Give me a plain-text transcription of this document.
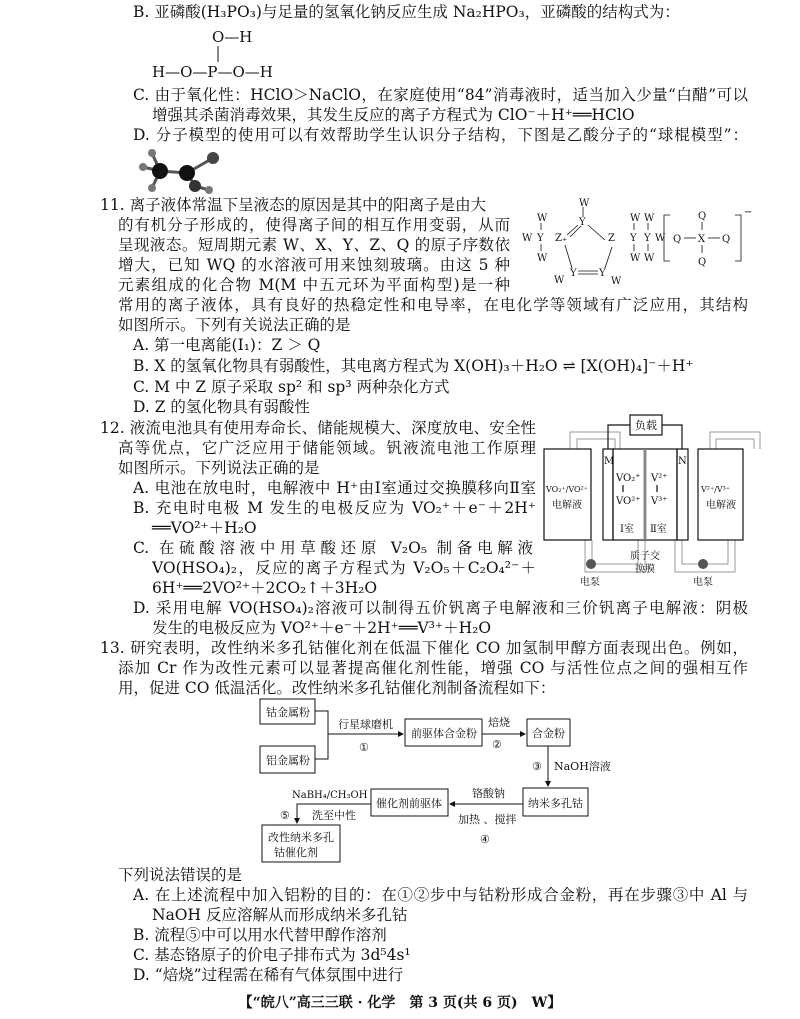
B. 亚磷酸(H₃PO₃)与足量的氢氧化钠反应生成 Na₂HPO₃，亚磷酸的结构式为：
O—H
H—O—P—O—H
C. 由于氧化性：HClO＞NaClO，在家庭使用“84”消毒液时，适当加入少量“白醋”可以
增强其杀菌消毒效果，其发生反应的离子方程式为 ClO⁻＋H⁺══HClO
D. 分子模型的使用可以有效帮助学生认识分子结构，下图是乙酸分子的“球棍模型”：
11. 离子液体常温下呈液态的原因是其中的阳离子是由大
的有机分子形成的，使得离子间的相互作用变弱，从而
呈现液态。短周期元素 W、X、Y、Z、Q 的原子序数依
增大，已知 WQ 的水溶液可用来蚀刻玻璃。由这 5 种
元素组成的化合物 M(M 中五元环为平面构型)是一种
常用的离子液体，具有良好的热稳定性和电导率，在电化学等领域有广泛应用，其结构
如图所示。下列有关说法正确的是
A. 第一电离能(I₁)：Z ＞ Q
B. X 的氢氧化物具有弱酸性，其电离方程式为 X(OH)₃＋H₂O ⇌ [X(OH)₄]⁻＋H⁺
C. M 中 Z 原子采取 sp² 和 sp³ 两种杂化方式
D. Z 的氢化物具有弱酸性
W
Y
W
W Y Z₊
W
Z Y Y W
W W
W W
W
Y Y
W
Q
Q X Q
Q
−
12. 液流电池具有使用寿命长、储能规模大、深度放电、安全性
高等优点，它广泛应用于储能领域。钒液流电池工作原理
如图所示。下列说法正确的是
A. 电池在放电时，电解液中 H⁺由Ⅰ室通过交换膜移向Ⅱ室
B. 充电时电极 M 发生的电极反应为 VO₂⁺＋e⁻＋2H⁺
══VO²⁺＋H₂O
C. 在硫酸溶液中用草酸还原 V₂O₅ 制备电解液
VO(HSO₄)₂，反应的离子方程式为 V₂O₅＋C₂O₄²⁻＋
6H⁺══2VO²⁺＋2CO₂↑＋3H₂O
D. 采用电解 VO(HSO₄)₂溶液可以制得五价钒离子电解液和三价钒离子电解液：阴极
发生的电极反应为 VO²⁺＋e⁻＋2H⁺══V³⁺＋H₂O
负载
M	N
VO₂⁺/VO²⁺
电解液
V²⁺/V³⁺
电解液
VO₂⁺
VO²⁺
V²⁺
V³⁺
Ⅰ室 Ⅱ室
质子交
换膜
电泵	电泵
13. 研究表明，改性纳米多孔钴催化剂在低温下催化 CO 加氢制甲醇方面表现出色。例如，
添加 Cr 作为改性元素可以显著提高催化剂性能，增强 CO 与活性位点之间的强相互作
用，促进 CO 低温活化。改性纳米多孔钴催化剂制备流程如下：
钴金属粉
铝金属粉
行星球磨机
①
前驱体合金粉
焙烧
②
合金粉
③ NaOH溶液
纳米多孔钴
铬酸钠
加热 、搅拌
④
催化剂前驱体
NaBH₄/CH₃OH
洗至中性
⑤
改性纳米多孔
钴催化剂
下列说法错误的是
A. 在上述流程中加入铝粉的目的：在①②步中与钴粉形成合金粉，再在步骤③中 Al 与
NaOH 反应溶解从而形成纳米多孔钴
B. 流程⑤中可以用水代替甲醇作溶剂
C. 基态铬原子的价电子排布式为 3d⁵4s¹
D. “焙烧”过程需在稀有气体氛围中进行
【“皖八”高三三联 · 化学　第 3 页(共 6 页)　W】
